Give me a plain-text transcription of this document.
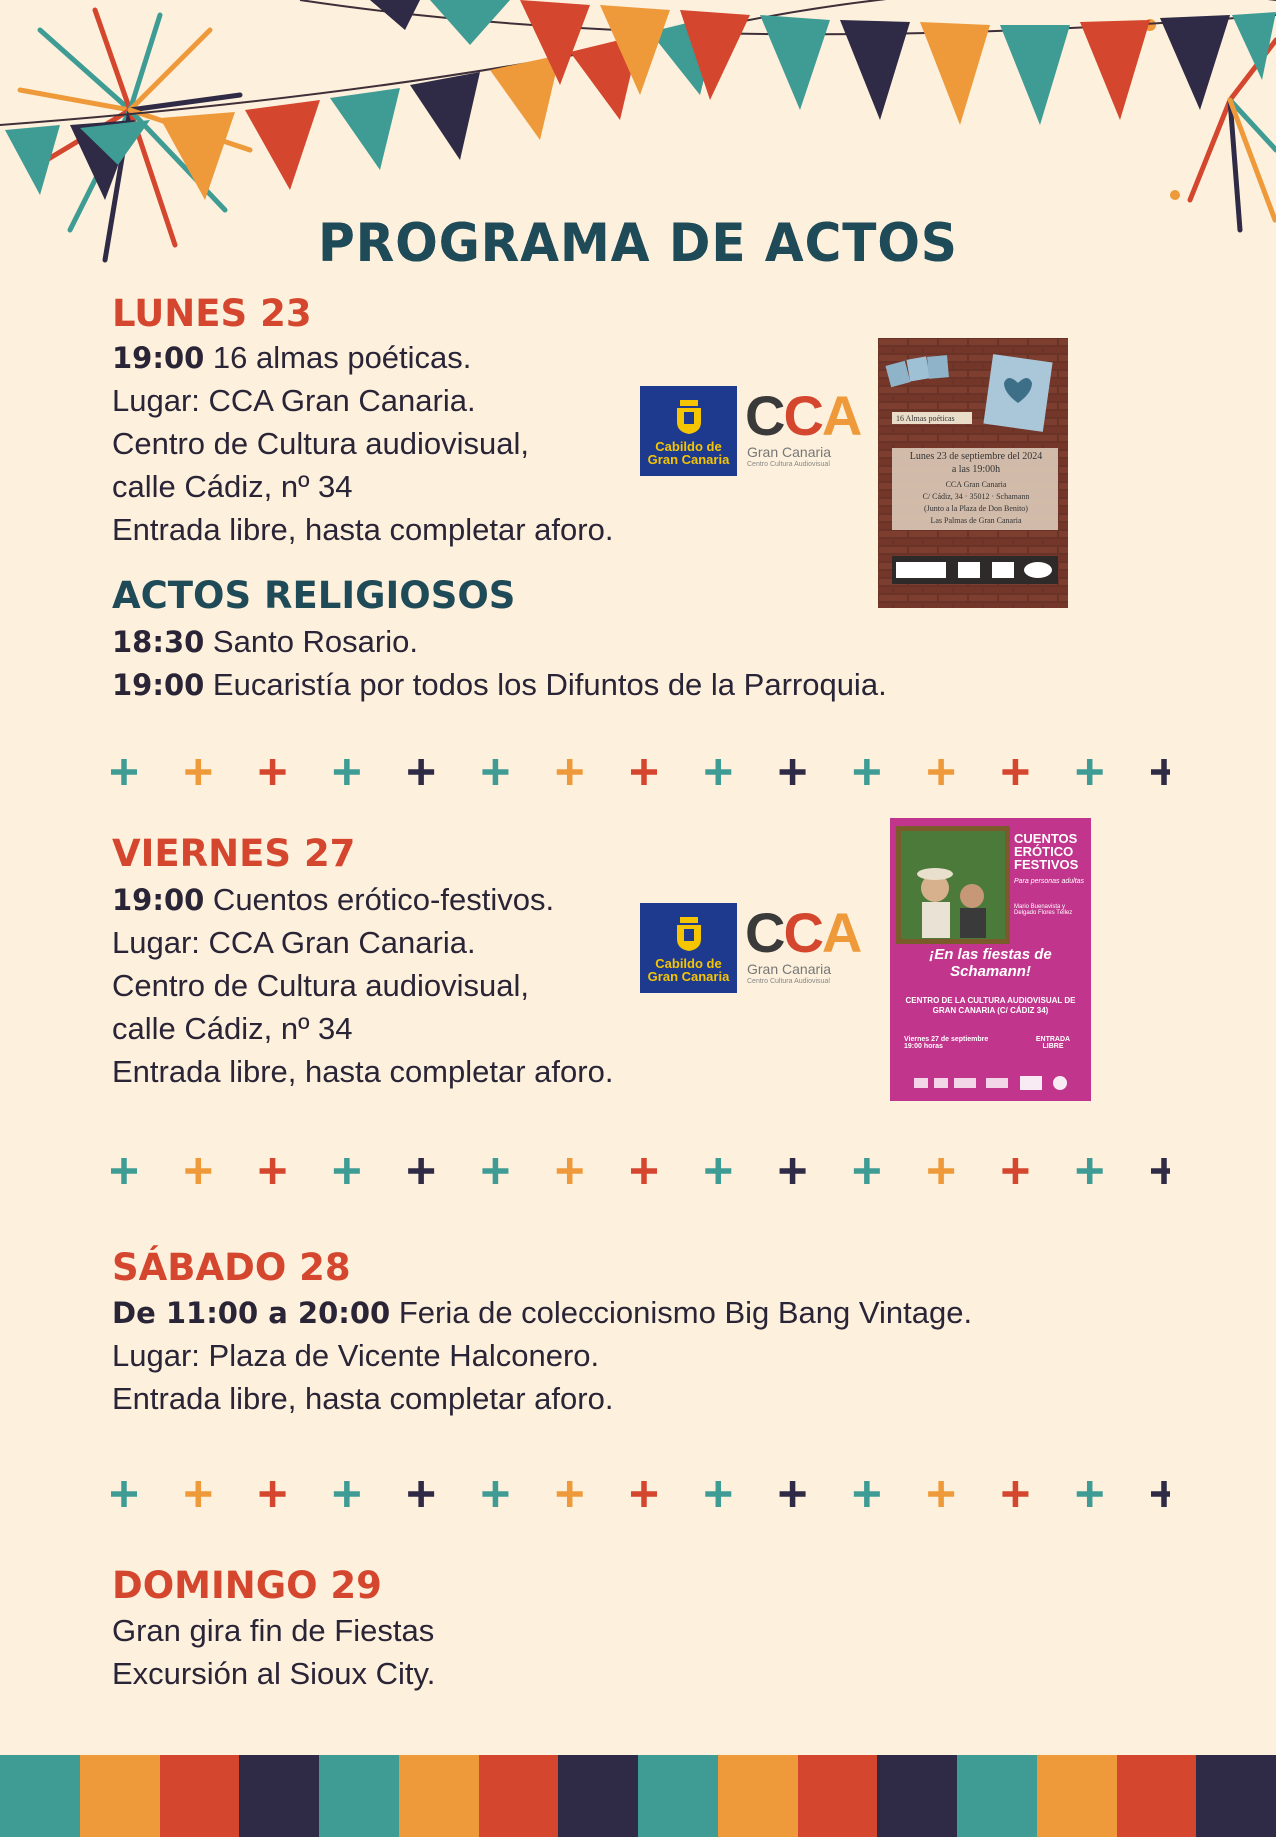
PROGRAMA DE ACTOS
LUNES 23
19:00 16 almas poéticas.
Lugar: CCA Gran Canaria.
Centro de Cultura audiovisual,
calle Cádiz, nº 34
Entrada libre, hasta completar aforo.
Cabildo de
Gran Canaria
CCA
Gran Canaria
Centro Cultura Audiovisual
16 Almas poéticas
Lunes 23 de septiembre del 2024
a las 19:00h
CCA Gran Canaria
C/ Cádiz, 34 · 35012 · Schamann
(Junto a la Plaza de Don Benito)
Las Palmas de Gran Canaria
ACTOS RELIGIOSOS
18:30 Santo Rosario.
19:00 Eucaristía por todos los Difuntos de la Parroquia.
VIERNES 27
19:00 Cuentos erótico-festivos.
Lugar: CCA Gran Canaria.
Centro de Cultura audiovisual,
calle Cádiz, nº 34
Entrada libre, hasta completar aforo.
Cabildo de
Gran Canaria
CCA
Gran Canaria
Centro Cultura Audiovisual
CUENTOS ERÓTICO FESTIVOS
Para personas adultas
Mario Buenavista y Delgado Flores Téllez
¡En las fiestas de Schamann!
CENTRO DE LA CULTURA AUDIOVISUAL DE GRAN CANARIA (C/ CÁDIZ 34)
Viernes 27 de septiembre 19:00 horas
ENTRADA LIBRE
SÁBADO 28
De 11:00 a 20:00 Feria de coleccionismo Big Bang Vintage.
Lugar: Plaza de Vicente Halconero.
Entrada libre, hasta completar aforo.
DOMINGO 29
Gran gira fin de Fiestas
Excursión al Sioux City.
